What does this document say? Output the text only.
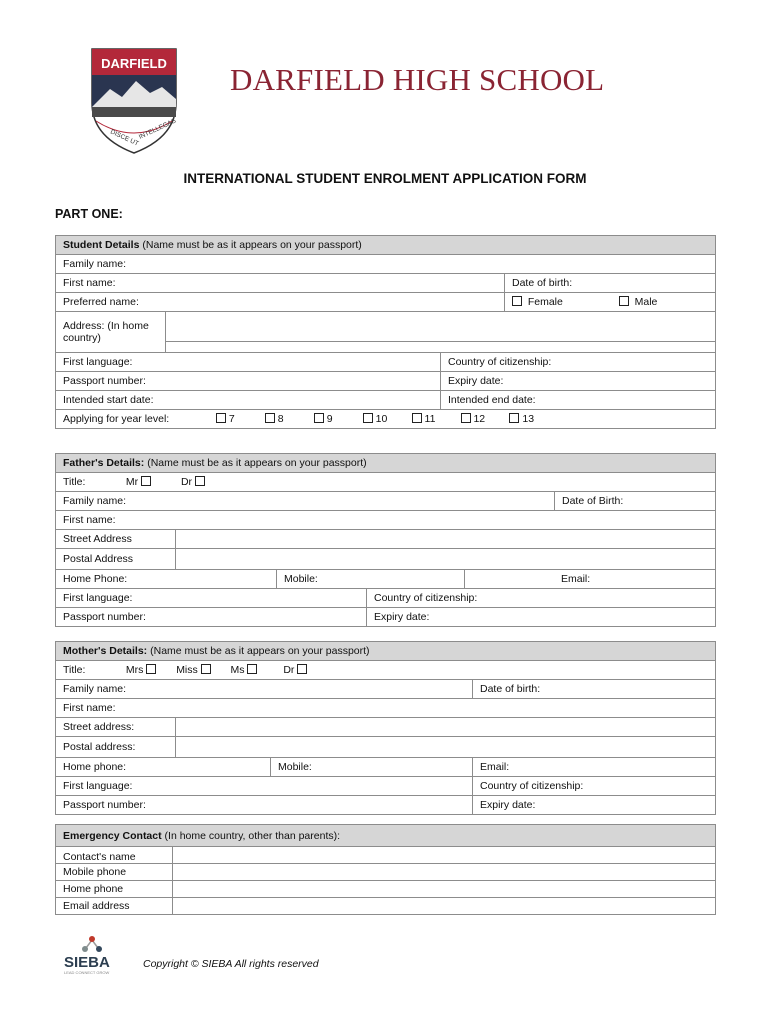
DARFIELD
DISCE UT
INTELLEGAS
DARFIELD HIGH SCHOOL
INTERNATIONAL STUDENT ENROLMENT APPLICATION FORM
PART ONE:
Student Details (Name must be as it appears on your passport)			
Family name:			
First name:			Date of birth:
Preferred name:			Female Male
Address: (In home country)			

First language:		Country of citizenship:	
Passport number:		Expiry date:	
Intended start date:		Intended end date:	
Applying for year level: 7 8 9 10 11 12 13			
Father's Details: (Name must be as it appears on your passport)					
Title: Mr Dr					
Family name:					Date of Birth:
First name:					
Street Address					
Postal Address					
Home Phone:		Mobile:		Email:	
First language:			Country of citizenship:		
Passport number:			Expiry date:		
Mother's Details: (Name must be as it appears on your passport)			
Title: Mrs Miss Ms Dr			
Family name:			Date of birth:
First name:			
Street address:			
Postal address:			
Home phone:		Mobile:	Email:
First language:			Country of citizenship:
Passport number:			Expiry date:
Emergency Contact (In home country, other than parents):	
Contact's name	
Mobile phone	
Home phone	
Email address	
SIEBA
LEAD CONNECT GROW
Copyright © SIEBA All rights reserved
